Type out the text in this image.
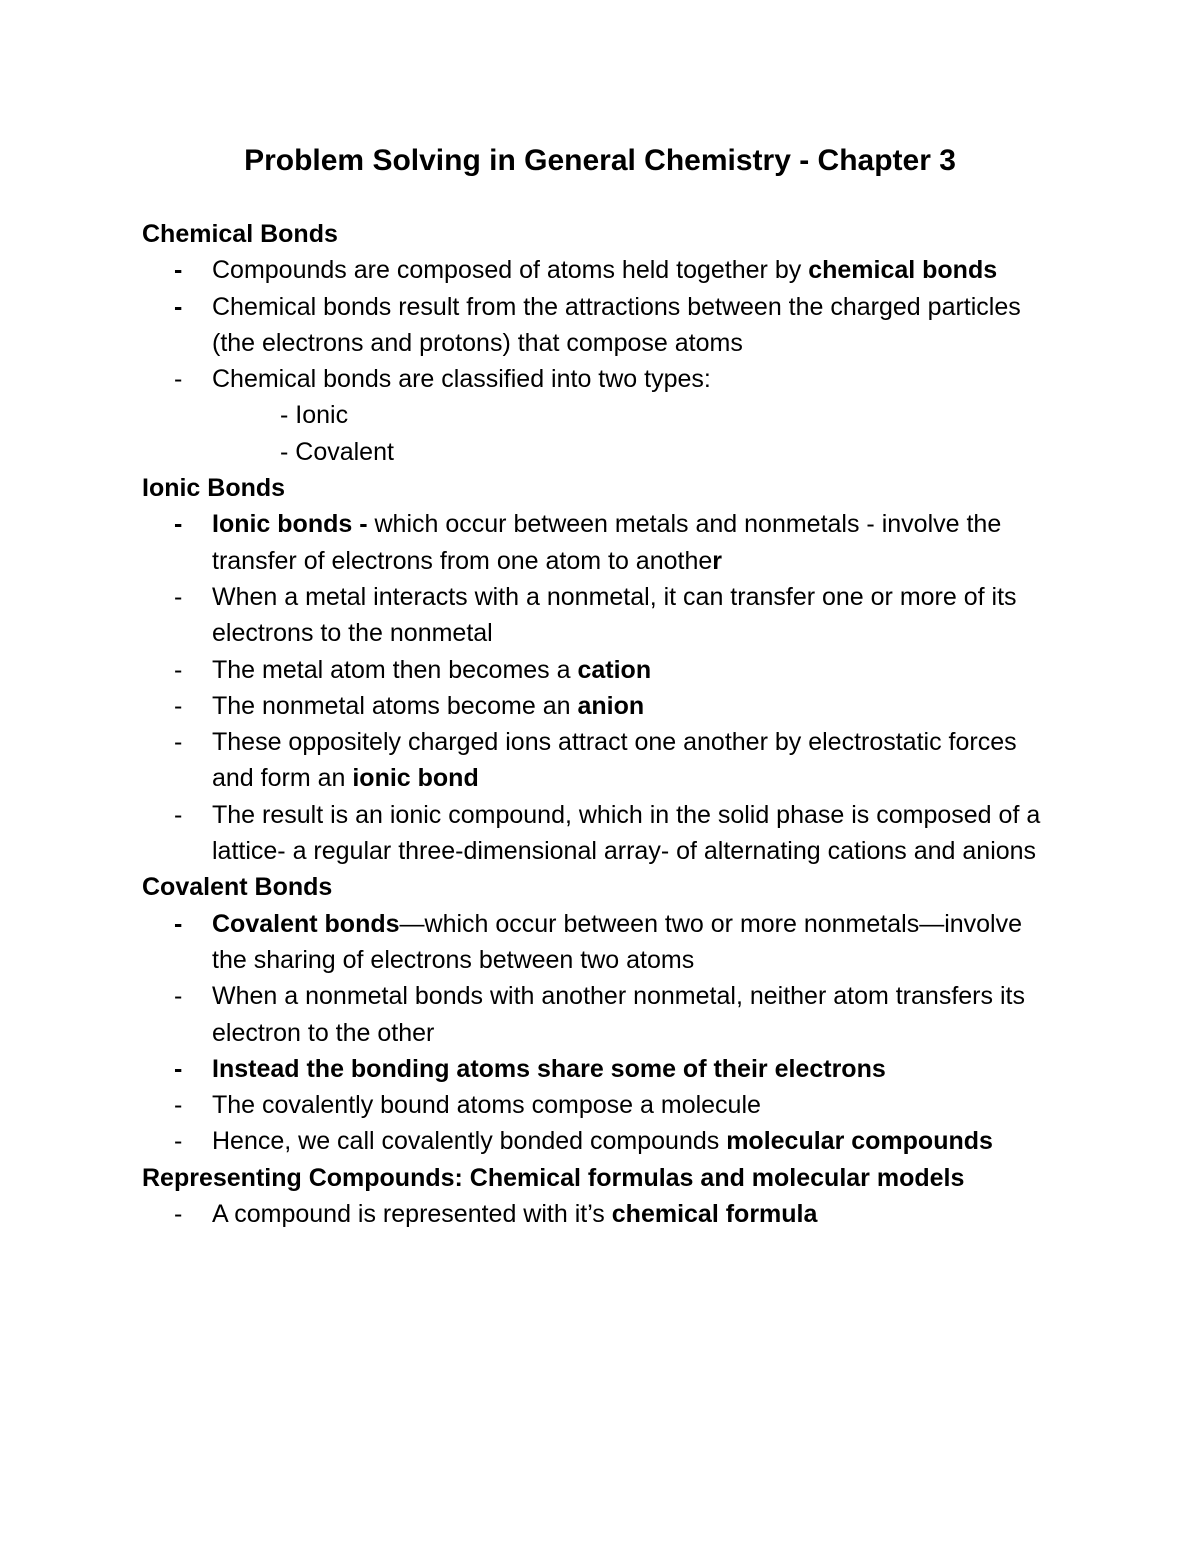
Problem Solving in General Chemistry - Chapter 3

Chemical Bonds

- Compounds are composed of atoms held together by chemical bonds

- Chemical bonds result from the attractions between the charged particles (the electrons and protons) that compose atoms

- Chemical bonds are classified into two types:

- Ionic

- Covalent

Ionic Bonds

- Ionic bonds - which occur between metals and nonmetals - involve the transfer of electrons from one atom to another

- When a metal interacts with a nonmetal, it can transfer one or more of its electrons to the nonmetal

- The metal atom then becomes a cation

- The nonmetal atoms become an anion

- These oppositely charged ions attract one another by electrostatic forces and form an ionic bond

- The result is an ionic compound, which in the solid phase is composed of a lattice- a regular three-dimensional array- of alternating cations and anions

Covalent Bonds

- Covalent bonds—which occur between two or more nonmetals—involve the sharing of electrons between two atoms

- When a nonmetal bonds with another nonmetal, neither atom transfers its electron to the other

- Instead the bonding atoms share some of their electrons

- The covalently bound atoms compose a molecule

- Hence, we call covalently bonded compounds molecular compounds

Representing Compounds: Chemical formulas and molecular models

- A compound is represented with it’s chemical formula
